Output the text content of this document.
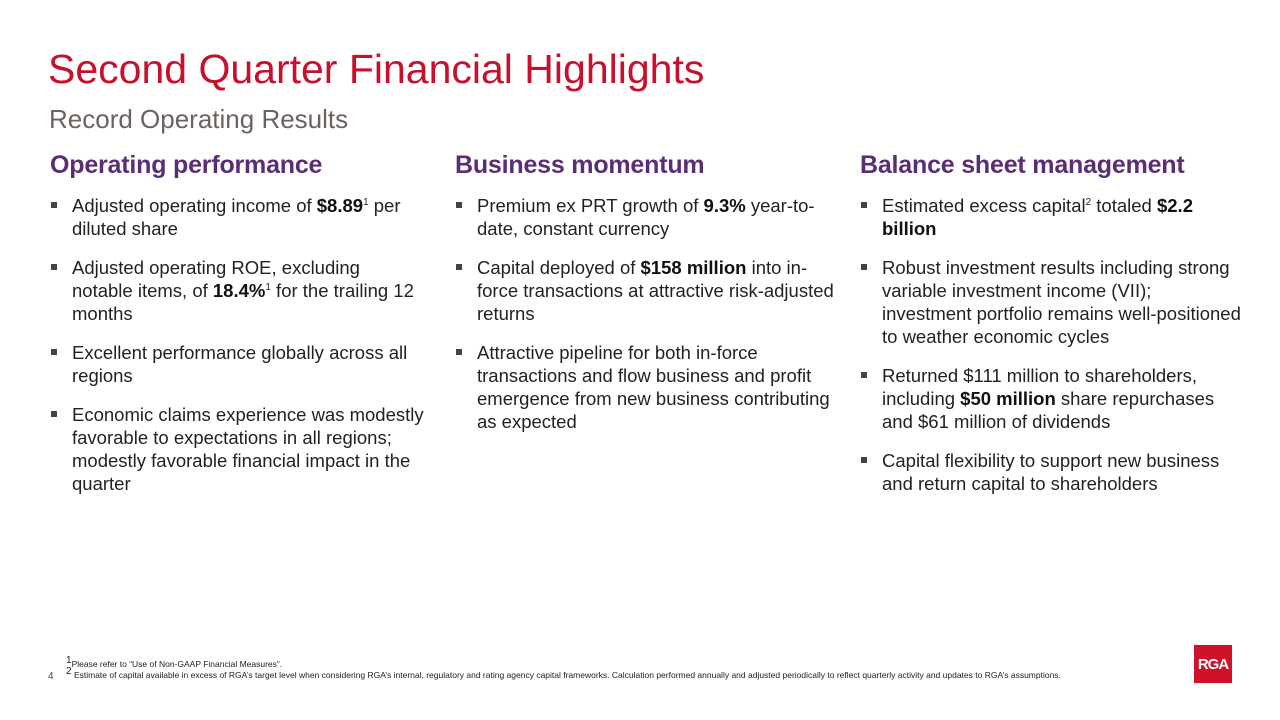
Second Quarter Financial Highlights

Record Operating Results

Operating performance
Adjusted operating income of $8.89$^1$ per diluted share
Adjusted operating ROE, excluding notable items, of 18.4%$^1$ for the trailing 12 months
Excellent performance globally across all regions
Economic claims experience was modestly favorable to expectations in all regions; modestly favorable financial impact in the quarter
Business momentum
Premium ex PRT growth of 9.3% year-to-date, constant currency
Capital deployed of $158 million into in-force transactions at attractive risk-adjusted returns
Attractive pipeline for both in-force transactions and flow business and profit emergence from new business contributing as expected
Balance sheet management
Estimated excess capital$^2$ totaled $2.2 billion
Robust investment results including strong variable investment income (VII); investment portfolio remains well-positioned to weather economic cycles
Returned $111 million to shareholders, including $50 million share repurchases and $61 million of dividends
Capital flexibility to support new business and return capital to shareholders
4

$^1$Please refer to “Use of Non-GAAP Financial Measures”.

$^2$ Estimate of capital available in excess of RGA’s target level when considering RGA’s internal, regulatory and rating agency capital frameworks. Calculation performed annually and adjusted periodically to reflect quarterly activity and updates to RGA’s assumptions.

RGA
